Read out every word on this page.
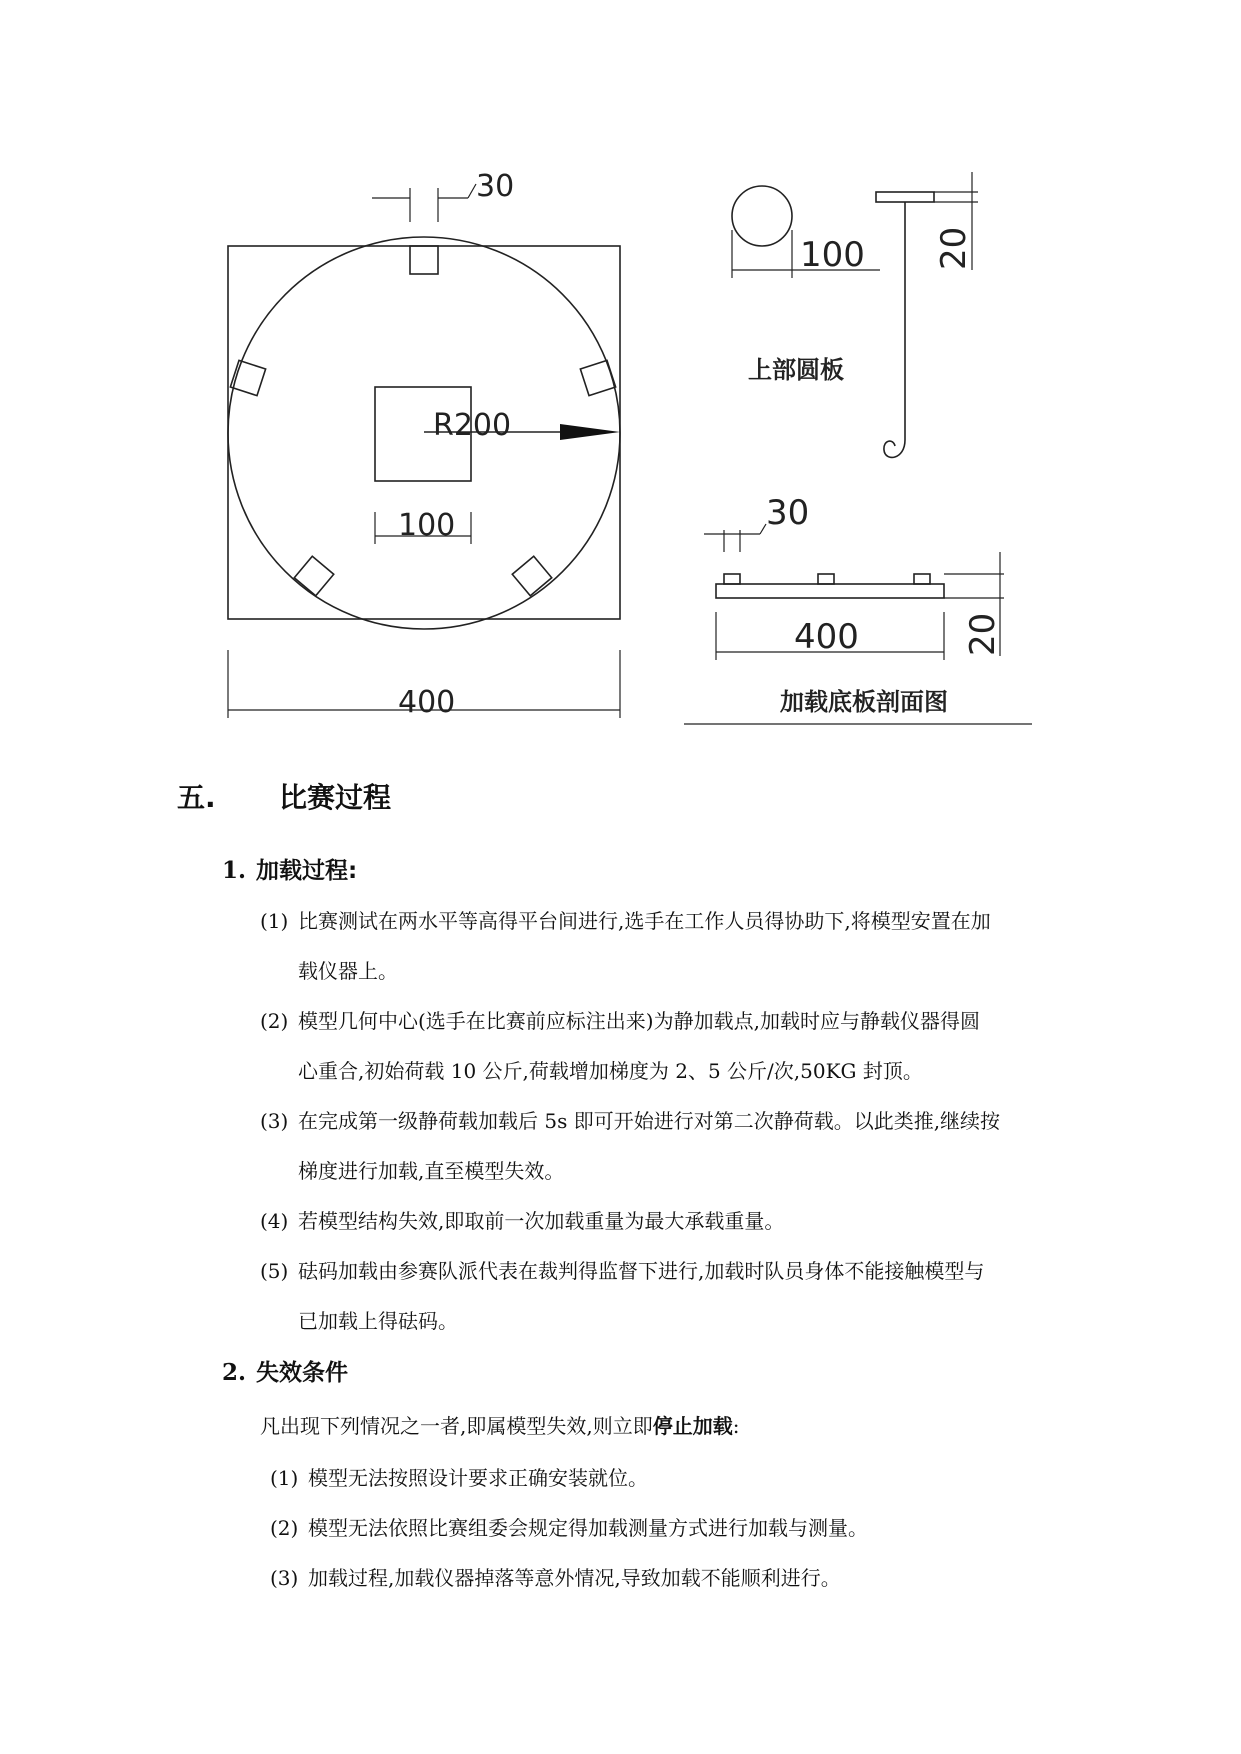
R200
30
100
400
100 20
上部圆板
30
400	20
加载底板剖面图
五. 比赛过程
1. 加载过程:
(1) 比赛测试在两水平等高得平台间进行,选手在工作人员得协助下,将模型安置在加
载仪器上。
(2) 模型几何中心(选手在比赛前应标注出来)为静加载点,加载时应与静载仪器得圆
心重合,初始荷载 10 公斤,荷载增加梯度为 2、5 公斤/次,50KG 封顶。
(3) 在完成第一级静荷载加载后 5s 即可开始进行对第二次静荷载。以此类推,继续按
梯度进行加载,直至模型失效。
(4) 若模型结构失效,即取前一次加载重量为最大承载重量。
(5) 砝码加载由参赛队派代表在裁判得监督下进行,加载时队员身体不能接触模型与
已加载上得砝码。
2. 失效条件
凡出现下列情况之一者,即属模型失效,则立即停止加载:
(1) 模型无法按照设计要求正确安装就位。
(2) 模型无法依照比赛组委会规定得加载测量方式进行加载与测量。
(3) 加载过程,加载仪器掉落等意外情况,导致加载不能顺利进行。
